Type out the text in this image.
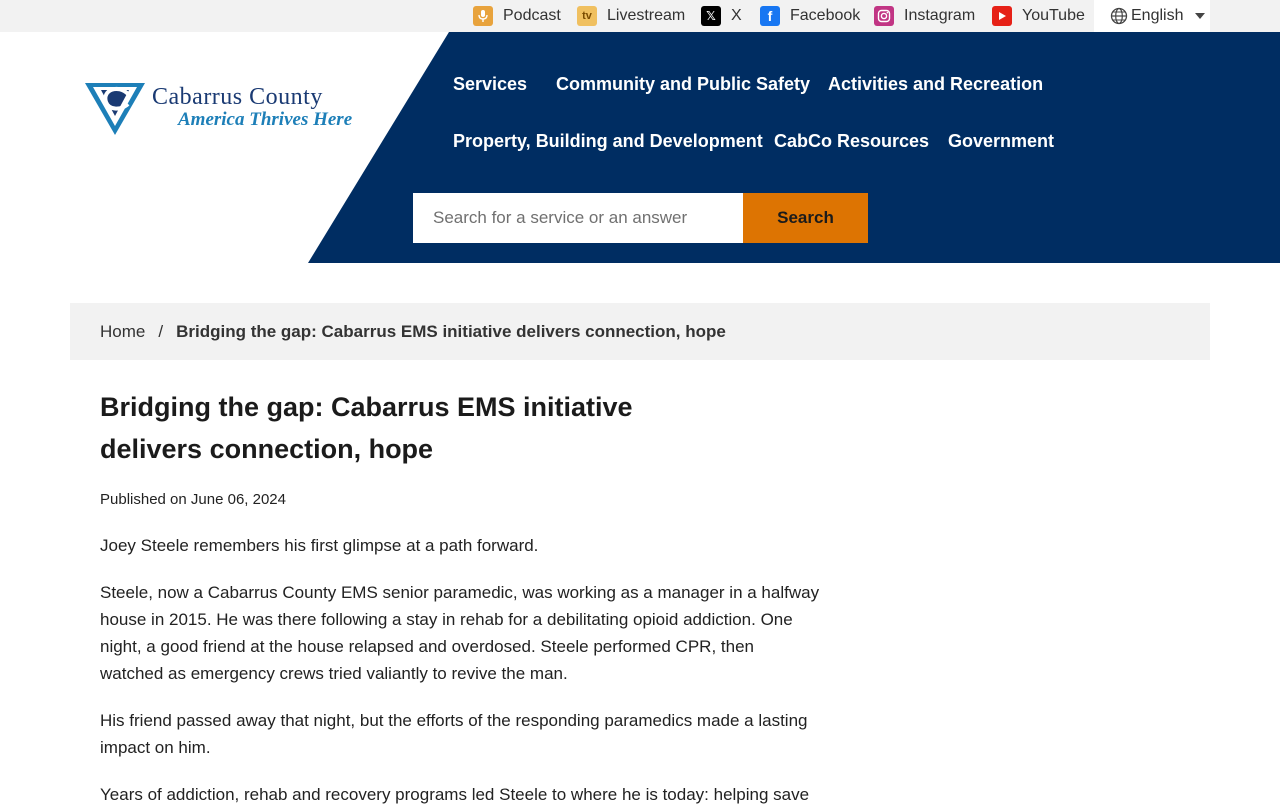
Podcast	tv Livestream	𝕏 X	f	Facebook	Instagram	YouTube	English
Cabarrus County
America Thrives Here
Services Community and Public Safety Activities and Recreation
Property, Building and Development CabCo Resources Government
Search for a service or an answer
Search
Home / Bridging the gap: Cabarrus EMS initiative delivers connection, hope
Bridging the gap: Cabarrus EMS initiative delivers connection, hope
Published on June 06, 2024

Joey Steele remembers his first glimpse at a path forward.

Steele, now a Cabarrus County EMS senior paramedic, was working as a manager in a halfway house in 2015. He was there following a stay in rehab for a debilitating opioid addiction. One night, a good friend at the house relapsed and overdosed. Steele performed CPR, then watched as emergency crews tried valiantly to revive the man.

His friend passed away that night, but the efforts of the responding paramedics made a lasting impact on him.

Years of addiction, rehab and recovery programs led Steele to where he is today: helping save
